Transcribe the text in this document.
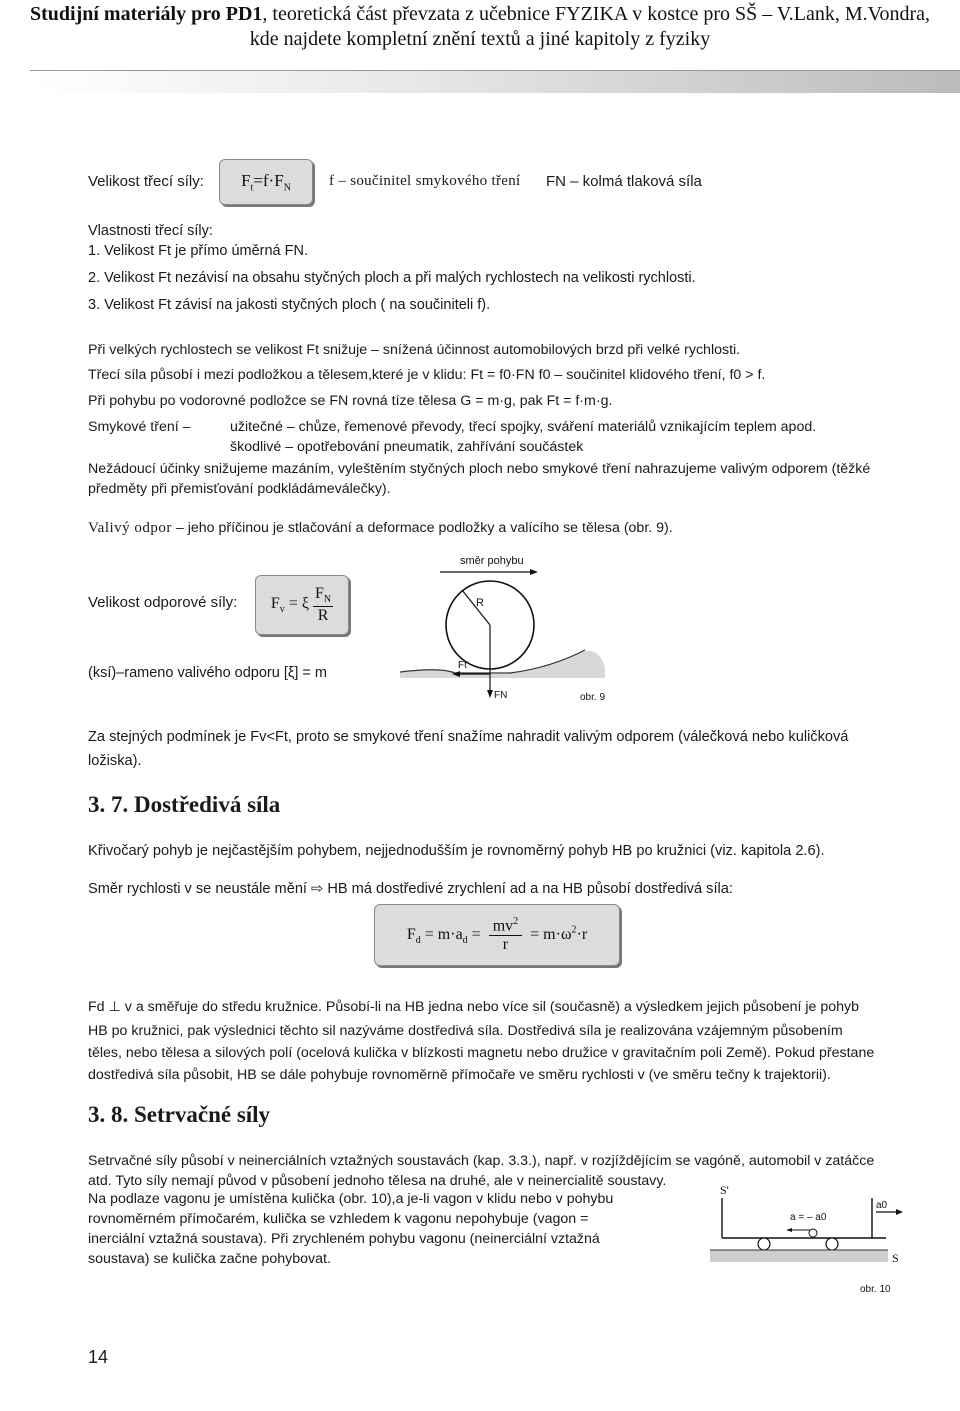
Studijní materiály pro PD1, teoretická část převzata z učebnice FYZIKA v kostce pro SŠ – V.Lank, M.Vondra,
kde najdete kompletní znění textů a jiné kapitoly z fyziky
Velikost třecí síly: $F_t=f\cdot F_N$	f – součinitel smykového tření FN – kolmá tlaková síla
Vlastnosti třecí síly:
1. Velikost Ft je přímo úměrná FN.
2. Velikost Ft nezávisí na obsahu styčných ploch a při malých rychlostech na velikosti rychlosti.
3. Velikost Ft závisí na jakosti styčných ploch ( na součiniteli f).
Při velkých rychlostech se velikost Ft snižuje – snížená účinnost automobilových brzd při velké rychlosti.
Třecí síla působí i mezi podložkou a tělesem,které je v klidu: Ft = f0·FN f0 – součinitel klidového tření, f0 > f.
Při pohybu po vodorovné podložce se FN rovná tíze tělesa G = m·g, pak Ft = f·m·g.
Smykové tření –	užitečné – chůze, řemenové převody, třecí spojky, sváření materiálů vznikajícím teplem apod.
škodlivé – opotřebování pneumatik, zahřívání součástek
Nežádoucí účinky snižujeme mazáním, vyleštěním styčných ploch nebo smykové tření nahrazujeme valivým odporem (těžké
předměty při přemisťování podkládámeválečky).
Valivý odpor – jeho příčinou je stlačování a deformace podložky a valícího se tělesa (obr. 9).
Velikost odporové síly: $F_v = \xi \frac{F_N}{R}$
(ksí)–rameno valivého odporu [ξ] = m
směr pohybu
R
FN
Ft
obr. 9
Za stejných podmínek je Fv<Ft, proto se smykové tření snažíme nahradit valivým odporem (válečková nebo kuličková
ložiska).
3. 7. Dostředivá síla
Křivočarý pohyb je nejčastějším pohybem, nejjednodušším je rovnoměrný pohyb HB po kružnici (viz. kapitola 2.6).
Směr rychlosti v se neustále mění ⇨ HB má dostředivé zrychlení ad a na HB působí dostředivá síla:
$F_d = m\cdot a_d = \frac{mv^2}{r} = m\cdot\omega^2\cdot r$
Fd ⊥ v a směřuje do středu kružnice. Působí-li na HB jedna nebo více sil (současně) a výsledkem jejich působení je pohyb
HB po kružnici, pak výslednici těchto sil nazýváme dostředivá síla. Dostředivá síla je realizována vzájemným působením
těles, nebo tělesa a silových polí (ocelová kulička v blízkosti magnetu nebo družice v gravitačním poli Země). Pokud přestane
dostředivá síla působit, HB se dále pohybuje rovnoměrně přímočaře ve směru rychlosti v (ve směru tečny k trajektorii).
3. 8. Setrvačné síly
Setrvačné síly působí v neinerciálních vztažných soustavách (kap. 3.3.), např. v rozjíždějícím se vagóně, automobil v zatáčce
atd. Tyto síly nemají původ v působení jednoho tělesa na druhé, ale v neinercialitě soustavy.
Na podlaze vagonu je umístěna kulička (obr. 10),a je-li vagon v klidu nebo v pohybu
rovnoměrném přímočarém, kulička se vzhledem k vagonu nepohybuje (vagon =
inerciální vztažná soustava). Při zrychleném pohybu vagonu (neinerciální vztažná
soustava) se kulička začne pohybovat.
S'
a0
a = – a0
S
obr. 10
14
